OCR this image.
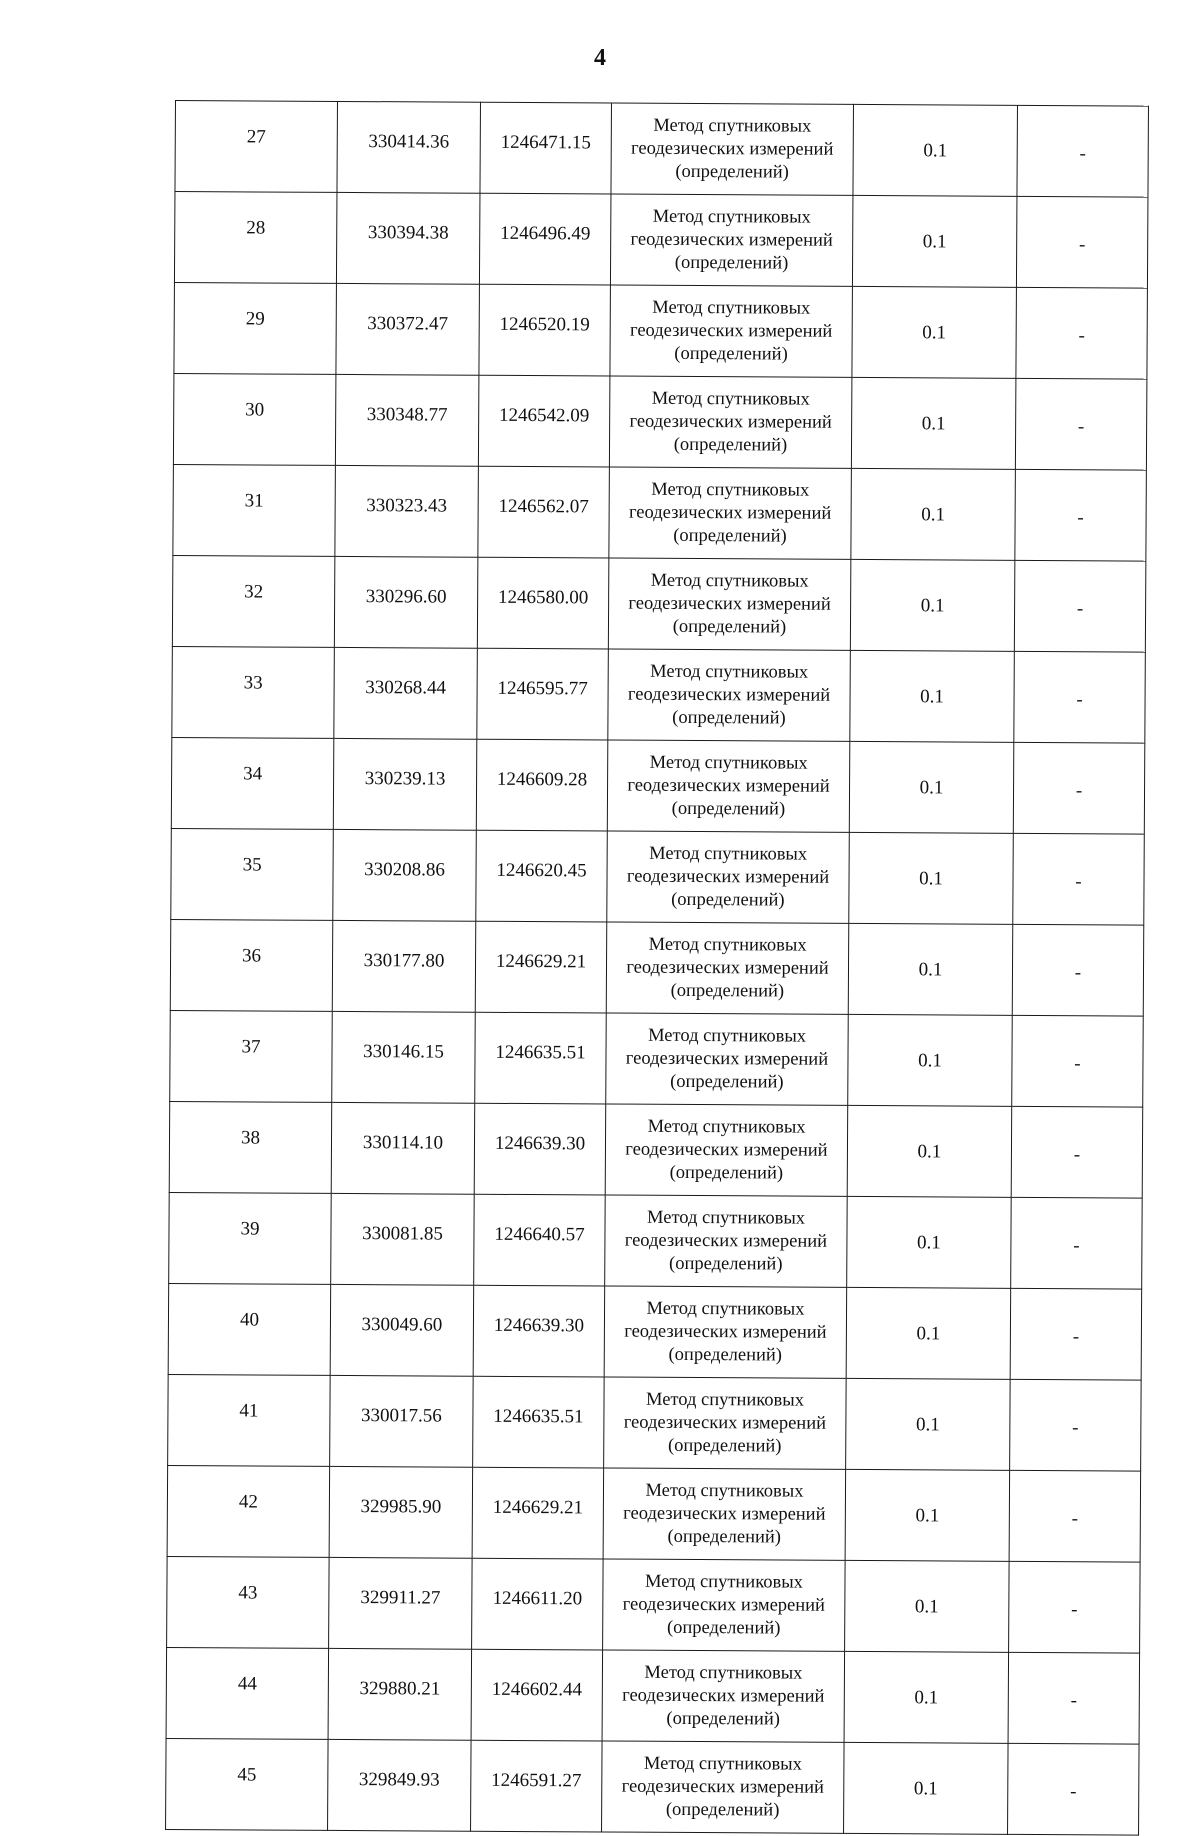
4
27	330414.36	1246471.15	Метод спутниковых
геодезических измерений
(определений)	0.1	-
28	330394.38	1246496.49	Метод спутниковых
геодезических измерений
(определений)	0.1	-
29	330372.47	1246520.19	Метод спутниковых
геодезических измерений
(определений)	0.1	-
30	330348.77	1246542.09	Метод спутниковых
геодезических измерений
(определений)	0.1	-
31	330323.43	1246562.07	Метод спутниковых
геодезических измерений
(определений)	0.1	-
32	330296.60	1246580.00	Метод спутниковых
геодезических измерений
(определений)	0.1	-
33	330268.44	1246595.77	Метод спутниковых
геодезических измерений
(определений)	0.1	-
34	330239.13	1246609.28	Метод спутниковых
геодезических измерений
(определений)	0.1	-
35	330208.86	1246620.45	Метод спутниковых
геодезических измерений
(определений)	0.1	-
36	330177.80	1246629.21	Метод спутниковых
геодезических измерений
(определений)	0.1	-
37	330146.15	1246635.51	Метод спутниковых
геодезических измерений
(определений)	0.1	-
38	330114.10	1246639.30	Метод спутниковых
геодезических измерений
(определений)	0.1	-
39	330081.85	1246640.57	Метод спутниковых
геодезических измерений
(определений)	0.1	-
40	330049.60	1246639.30	Метод спутниковых
геодезических измерений
(определений)	0.1	-
41	330017.56	1246635.51	Метод спутниковых
геодезических измерений
(определений)	0.1	-
42	329985.90	1246629.21	Метод спутниковых
геодезических измерений
(определений)	0.1	-
43	329911.27	1246611.20	Метод спутниковых
геодезических измерений
(определений)	0.1	-
44	329880.21	1246602.44	Метод спутниковых
геодезических измерений
(определений)	0.1	-
45	329849.93	1246591.27	Метод спутниковых
геодезических измерений
(определений)	0.1	-
